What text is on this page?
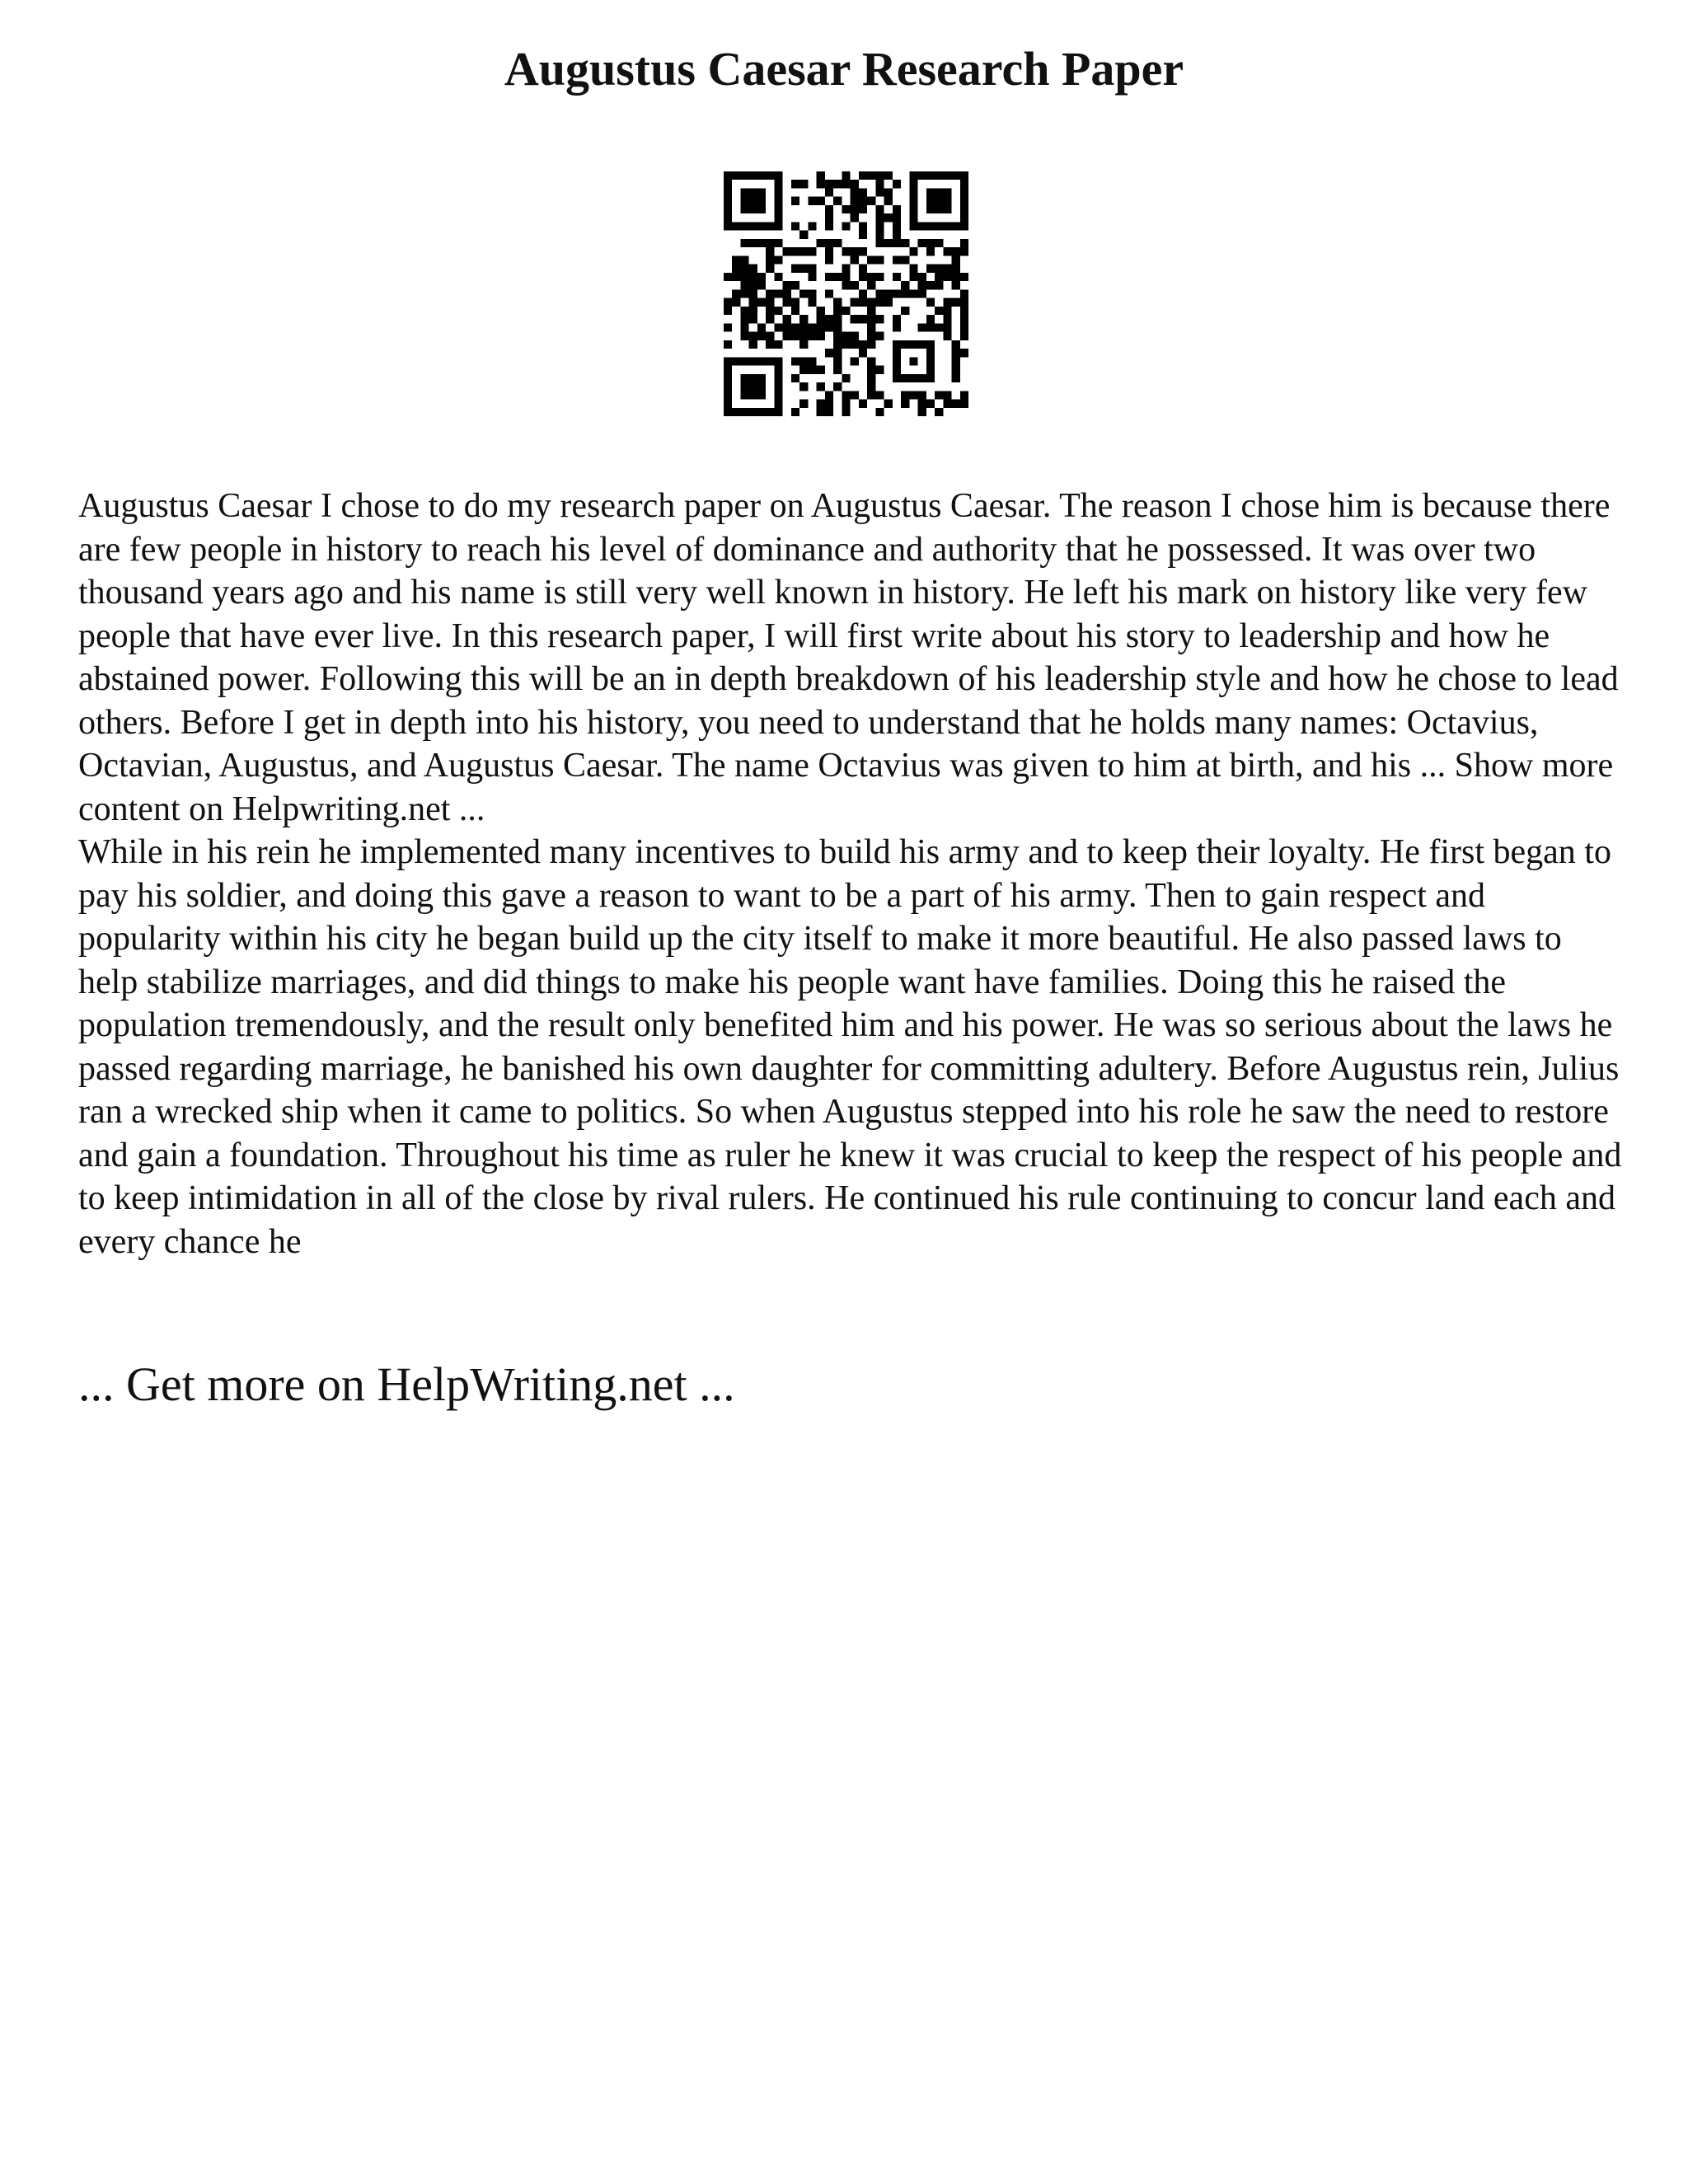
Augustus Caesar Research Paper

Augustus Caesar I chose to do my research paper on Augustus Caesar. The reason I chose him is because there are few people in history to reach his level of dominance and authority that he possessed. It was over two thousand years ago and his name is still very well known in history. He left his mark on history like very few people that have ever live. In this research paper, I will first write about his story to leadership and how he abstained power. Following this will be an in depth breakdown of his leadership style and how he chose to lead others. Before I get in depth into his history, you need to understand that he holds many names: Octavius, Octavian, Augustus, and Augustus Caesar. The name Octavius was given to him at birth, and his ... Show more content on Helpwriting.net ...

While in his rein he implemented many incentives to build his army and to keep their loyalty. He first began to pay his soldier, and doing this gave a reason to want to be a part of his army. Then to gain respect and popularity within his city he began build up the city itself to make it more beautiful. He also passed laws to help stabilize marriages, and did things to make his people want have families. Doing this he raised the population tremendously, and the result only benefited him and his power. He was so serious about the laws he passed regarding marriage, he banished his own daughter for committing adultery. Before Augustus rein, Julius ran a wrecked ship when it came to politics. So when Augustus stepped into his role he saw the need to restore and gain a foundation. Throughout his time as ruler he knew it was crucial to keep the respect of his people and to keep intimidation in all of the close by rival rulers. He continued his rule continuing to concur land each and every chance he

... Get more on HelpWriting.net ...
